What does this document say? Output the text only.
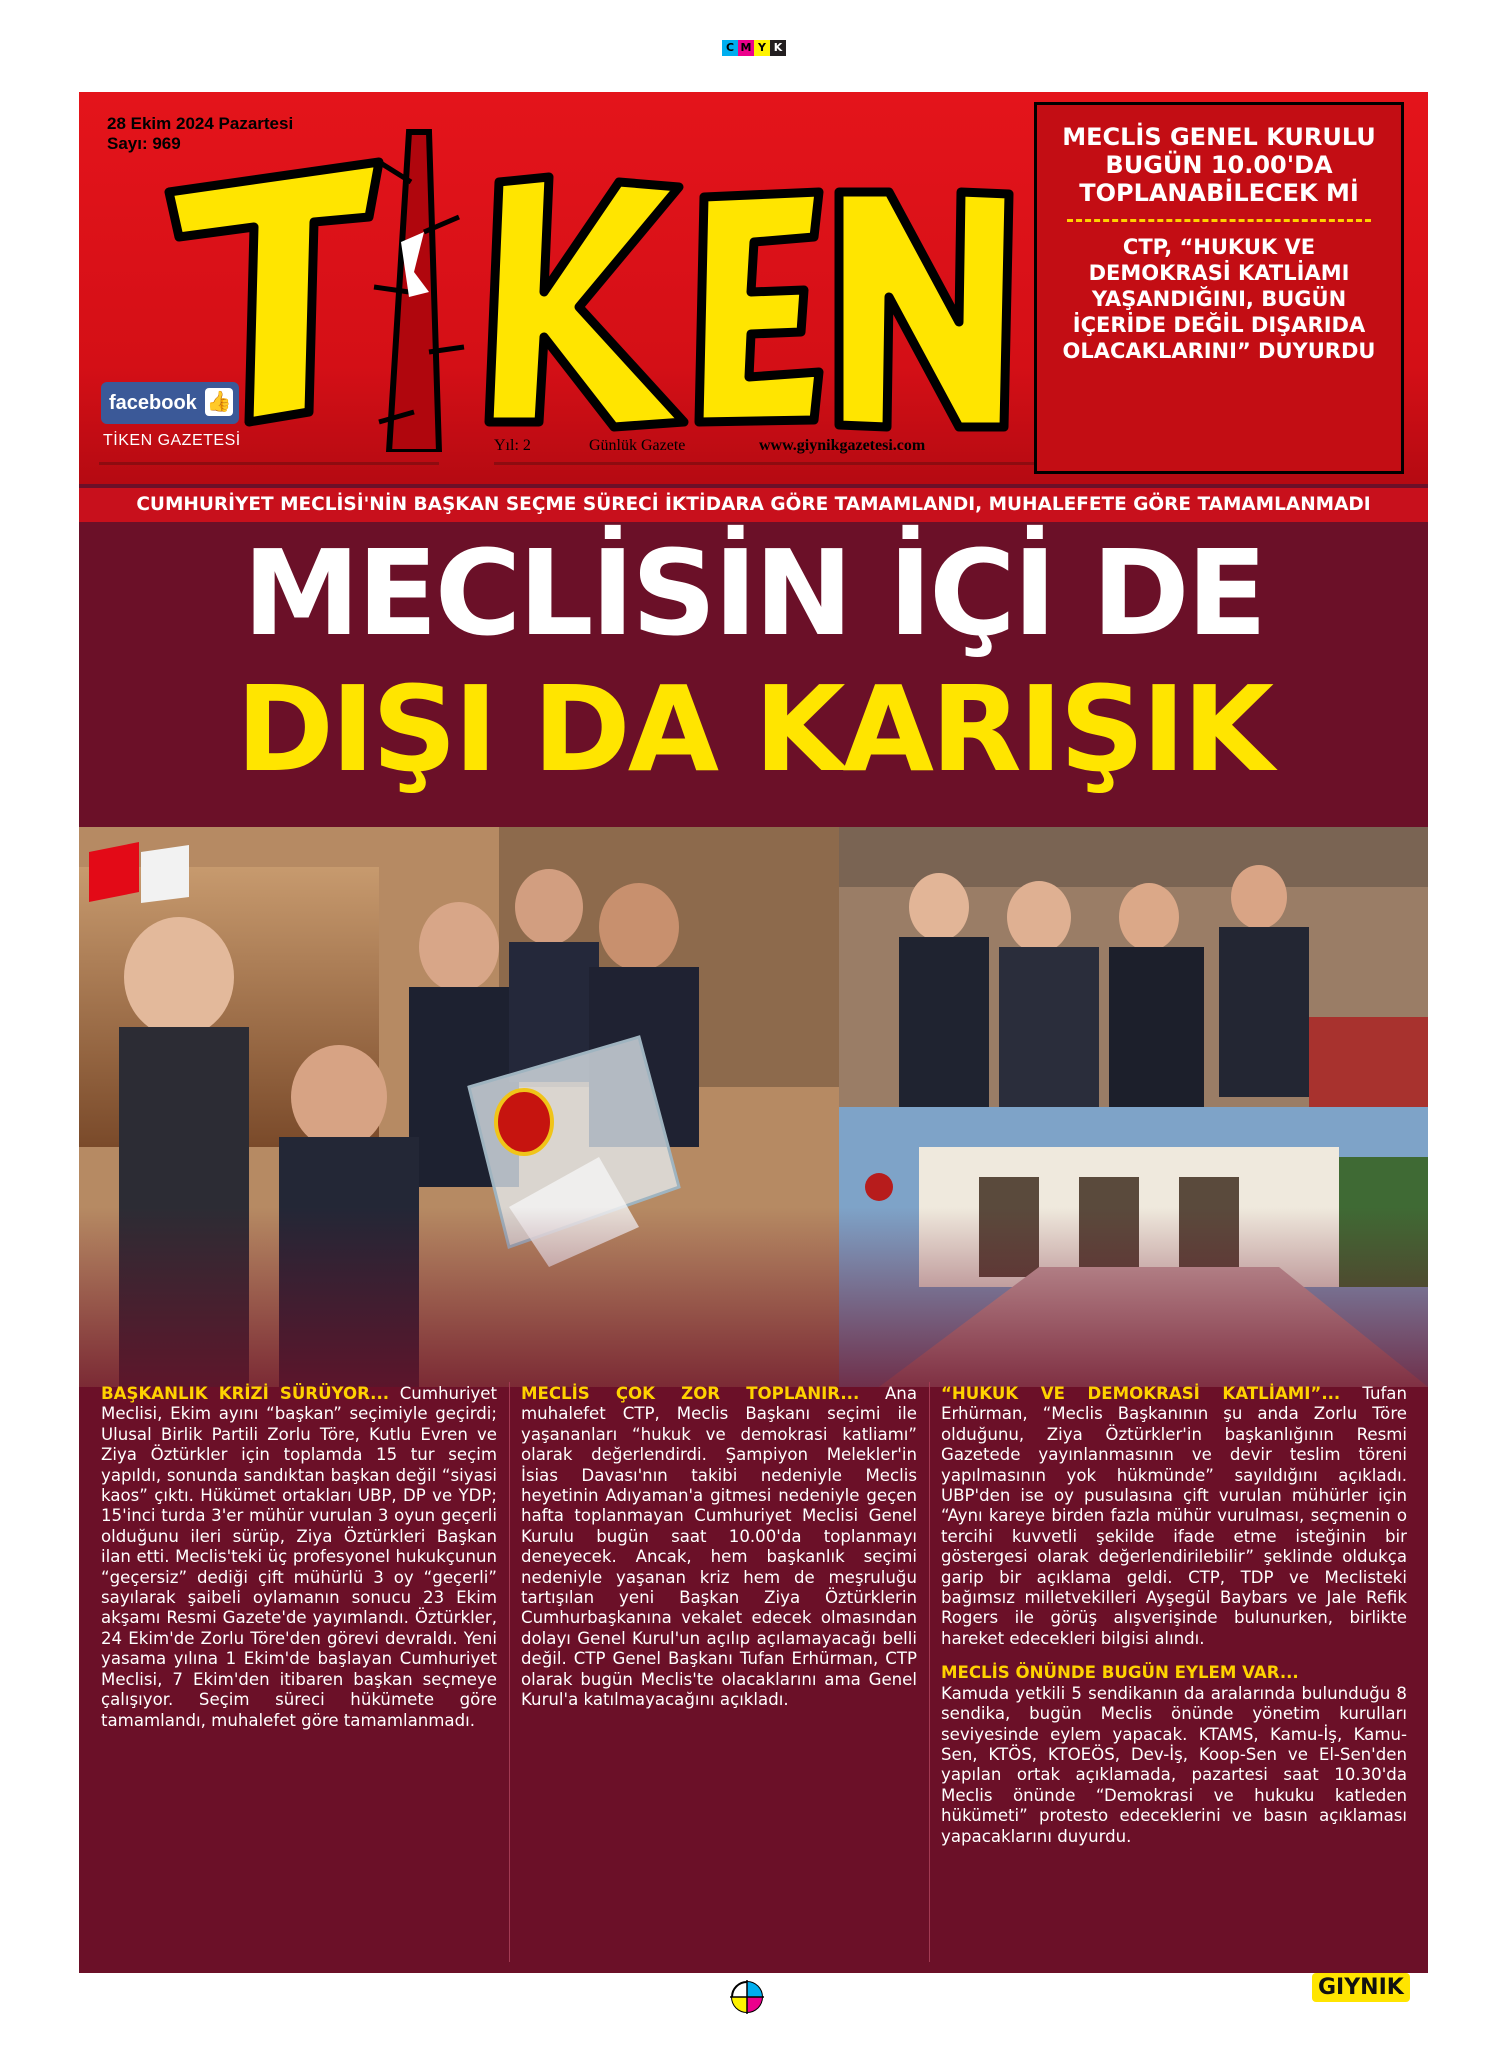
C M Y K
28 Ekim 2024 Pazartesi
Sayı: 969
facebook 👍
TİKEN GAZETESİ	Yıl: 2	Günlük Gazete	www.giynikgazetesi.com
MECLİS GENEL KURULU BUGÜN 10.00'DA TOPLANABİLECEK Mİ
CTP, “HUKUK VE DEMOKRASİ KATLİAMI YAŞANDIĞINI, BUGÜN İÇERİDE DEĞİL DIŞARIDA OLACAKLARINI” DUYURDU
CUMHURİYET MECLİSİ'NİN BAŞKAN SEÇME SÜRECİ İKTİDARA GÖRE TAMAMLANDI, MUHALEFETE GÖRE TAMAMLANMADI
MECLİSİN İÇİ DE
DIŞI DA KARIŞIK

BAŞKANLIK KRİZİ SÜRÜYOR... Cumhuriyet Meclisi, Ekim ayını “başkan” seçimiyle geçirdi; Ulusal Birlik Partili Zorlu Töre, Kutlu Evren ve Ziya Öztürkler için toplamda 15 tur seçim yapıldı, sonunda sandıktan başkan değil “siyasi kaos” çıktı. Hükümet ortakları UBP, DP ve YDP; 15'inci turda 3'er mühür vurulan 3 oyun geçerli olduğunu ileri sürüp, Ziya Öztürkleri Başkan ilan etti. Meclis'teki üç profesyonel hukukçunun “geçersiz” dediği çift mühürlü 3 oy “geçerli” sayılarak şaibeli oylamanın sonucu 23 Ekim akşamı Resmi Gazete'de yayımlandı. Öztürkler, 24 Ekim'de Zorlu Töre'den görevi devraldı. Yeni yasama yılına 1 Ekim'de başlayan Cumhuriyet Meclisi, 7 Ekim'den itibaren başkan seçmeye çalışıyor. Seçim süreci hükümete göre tamamlandı, muhalefet göre tamamlanmadı.

MECLİS ÇOK ZOR TOPLANIR... Ana muhalefet CTP, Meclis Başkanı seçimi ile yaşananları “hukuk ve demokrasi katliamı” olarak değerlendirdi. Şampiyon Melekler'in İsias Davası'nın takibi nedeniyle Meclis heyetinin Adıyaman'a gitmesi nedeniyle geçen hafta toplanmayan Cumhuriyet Meclisi Genel Kurulu bugün saat 10.00'da toplanmayı deneyecek. Ancak, hem başkanlık seçimi nedeniyle yaşanan kriz hem de meşruluğu tartışılan yeni Başkan Ziya Öztürklerin Cumhurbaşkanına vekalet edecek olmasından dolayı Genel Kurul'un açılıp açılamayacağı belli değil. CTP Genel Başkanı Tufan Erhürman, CTP olarak bugün Meclis'te olacaklarını ama Genel Kurul'a katılmayacağını açıkladı.

“HUKUK VE DEMOKRASİ KATLİAMI”... Tufan Erhürman, “Meclis Başkanının şu anda Zorlu Töre olduğunu, Ziya Öztürkler'in başkanlığının Resmi Gazetede yayınlanmasının ve devir teslim töreni yapılmasının yok hükmünde” sayıldığını açıkladı. UBP'den ise oy pusulasına çift vurulan mühürler için “Aynı kareye birden fazla mühür vurulması, seçmenin o tercihi kuvvetli şekilde ifade etme isteğinin bir göstergesi olarak değerlendirilebilir” şeklinde oldukça garip bir açıklama geldi. CTP, TDP ve Meclisteki bağımsız milletvekilleri Ayşegül Baybars ve Jale Refik Rogers ile görüş alışverişinde bulunurken, birlikte hareket edecekleri bilgisi alındı.

MECLİS ÖNÜNDE BUGÜN EYLEM VAR...
Kamuda yetkili 5 sendikanın da aralarında bulunduğu 8 sendika, bugün Meclis önünde yönetim kurulları seviyesinde eylem yapacak. KTAMS, Kamu-İş, Kamu-Sen, KTÖS, KTOEÖS, Dev-İş, Koop-Sen ve El-Sen'den yapılan ortak açıklamada, pazartesi saat 10.30'da Meclis önünde “Demokrasi ve hukuku katleden hükümeti” protesto edeceklerini ve basın açıklaması yapacaklarını duyurdu.

GIYNIK
